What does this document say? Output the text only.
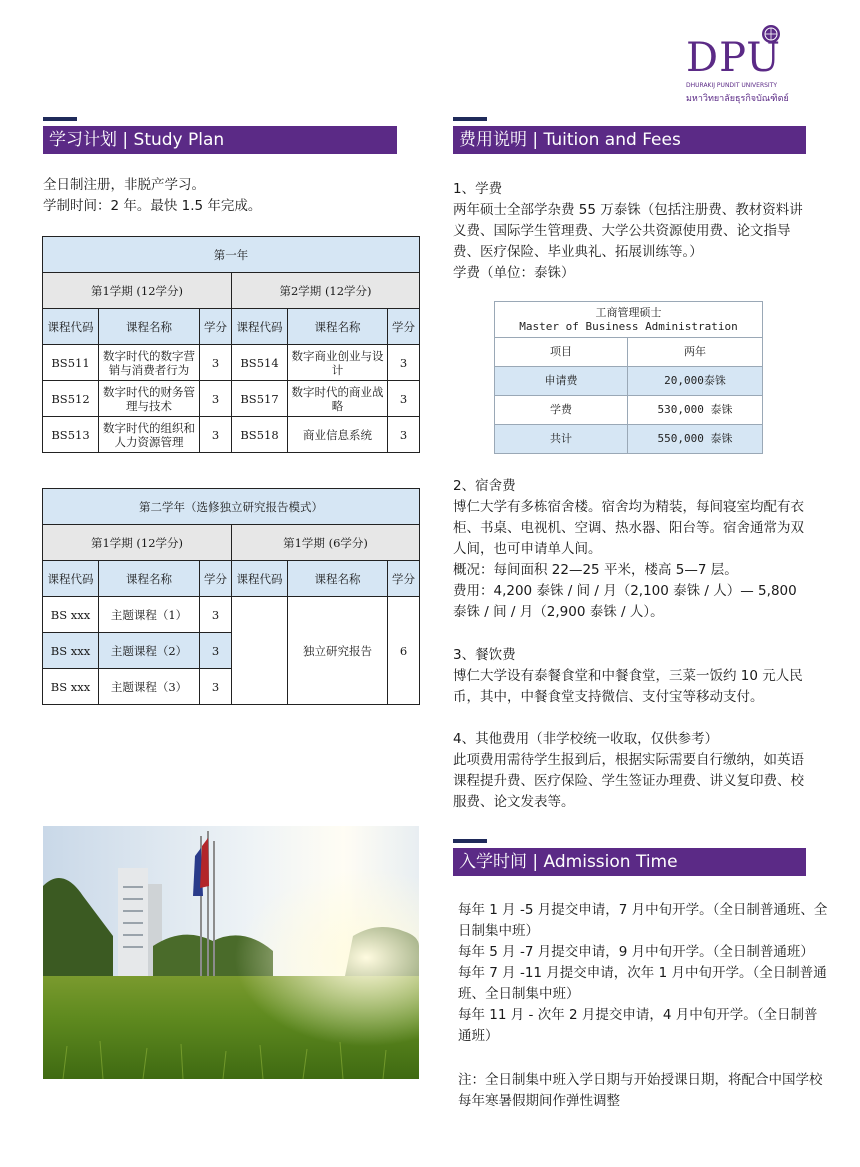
DPU
DHURAKIJ PUNDIT UNIVERSITY
มหาวิทยาลัยธุรกิจบัณฑิตย์
学习计划 | Study Plan
全日制注册，非脱产学习。
学制时间：2 年。最快 1.5 年完成。
第一年					
第1学期 (12学分)			第2学期 (12学分)		
课程代码	课程名称	学分	课程代码	课程名称	学分
BS511	数字时代的数字营销与消费者行为	3	BS514	数字商业创业与设计	3
BS512	数字时代的财务管理与技术	3	BS517	数字时代的商业战略	3
BS513	数字时代的组织和人力资源管理	3	BS518	商业信息系统	3
第二学年（选修独立研究报告模式）					
第1学期 (12学分)			第1学期 (6学分)		
课程代码	课程名称	学分	课程代码	课程名称	学分
BS xxx	主题课程（1）	3		独立研究报告	6
BS xxx	主题课程（2）	3			
BS xxx	主题课程（3）	3			
费用说明 | Tuition and Fees
1、学费
两年硕士全部学杂费 55 万泰铢（包括注册费、教材资料讲义费、国际学生管理费、大学公共资源使用费、论文指导费、医疗保险、毕业典礼、拓展训练等。）
学费（单位：泰铢）
工商管理硕士
Master of Business Administration	

项目	两年
申请费	20,000泰铢
学费	530,000 泰铢
共计	550,000 泰铢
2、宿舍费
博仁大学有多栋宿舍楼。宿舍均为精装，每间寝室均配有衣柜、书桌、电视机、空调、热水器、阳台等。宿舍通常为双人间，也可申请单人间。
概况：每间面积 22—25 平米，楼高 5—7 层。
费用：4,200 泰铢 / 间 / 月（2,100 泰铢 / 人）— 5,800 泰铢 / 间 / 月（2,900 泰铢 / 人）。
3、餐饮费
博仁大学设有泰餐食堂和中餐食堂，三菜一饭约 10 元人民币，其中，中餐食堂支持微信、支付宝等移动支付。
4、其他费用（非学校统一收取，仅供参考）
此项费用需待学生报到后，根据实际需要自行缴纳，如英语课程提升费、医疗保险、学生签证办理费、讲义复印费、校服费、论文发表等。
入学时间 | Admission Time
每年 1 月 -5 月提交申请，7 月中旬开学。（全日制普通班、全日制集中班）
每年 5 月 -7 月提交申请，9 月中旬开学。（全日制普通班）
每年 7 月 -11 月提交申请，次年 1 月中旬开学。（全日制普通班、全日制集中班）
每年 11 月 - 次年 2 月提交申请，4 月中旬开学。（全日制普通班）
注：全日制集中班入学日期与开始授课日期，将配合中国学校每年寒暑假期间作弹性调整
